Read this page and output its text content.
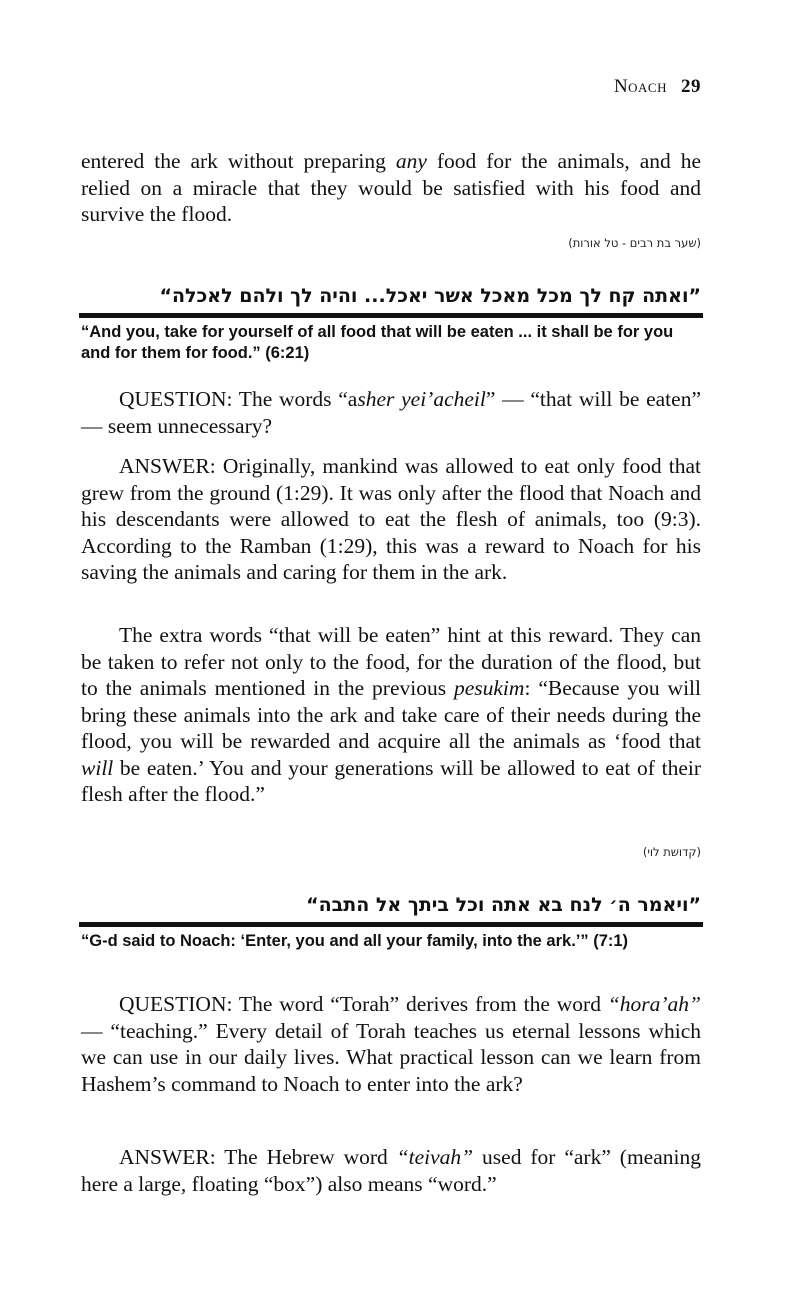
Noach 29

entered the ark without preparing any food for the animals, and he relied on a miracle that they would be satisfied with his food and survive the flood.

(שער בת רבים - טל אורות)
”ואתה קח לך מכל מאכל אשר יאכל... והיה לך ולהם לאכלה“
“And you, take for yourself of all food that will be eaten ... it shall be for you and for them for food.” (6:21)

QUESTION: The words “asher yei’acheil” — “that will be eaten” — seem unnecessary?

ANSWER: Originally, mankind was allowed to eat only food that grew from the ground (1:29). It was only after the flood that Noach and his descendants were allowed to eat the flesh of animals, too (9:3). According to the Ramban (1:29), this was a reward to Noach for his saving the animals and caring for them in the ark.

The extra words “that will be eaten” hint at this reward. They can be taken to refer not only to the food, for the duration of the flood, but to the animals mentioned in the previous pesukim: “Because you will bring these animals into the ark and take care of their needs during the flood, you will be rewarded and acquire all the animals as ‘food that will be eaten.’ You and your generations will be allowed to eat of their flesh after the flood.”

(קדושת לוי)
”ויאמר ה׳ לנח בא אתה וכל ביתך אל התבה“
“G-d said to Noach: ‘Enter, you and all your family, into the ark.’” (7:1)

QUESTION: The word “Torah” derives from the word “hora’ah” — “teaching.” Every detail of Torah teaches us eternal lessons which we can use in our daily lives. What practical lesson can we learn from Hashem’s command to Noach to enter into the ark?

ANSWER: The Hebrew word “teivah” used for “ark” (meaning here a large, floating “box”) also means “word.”
